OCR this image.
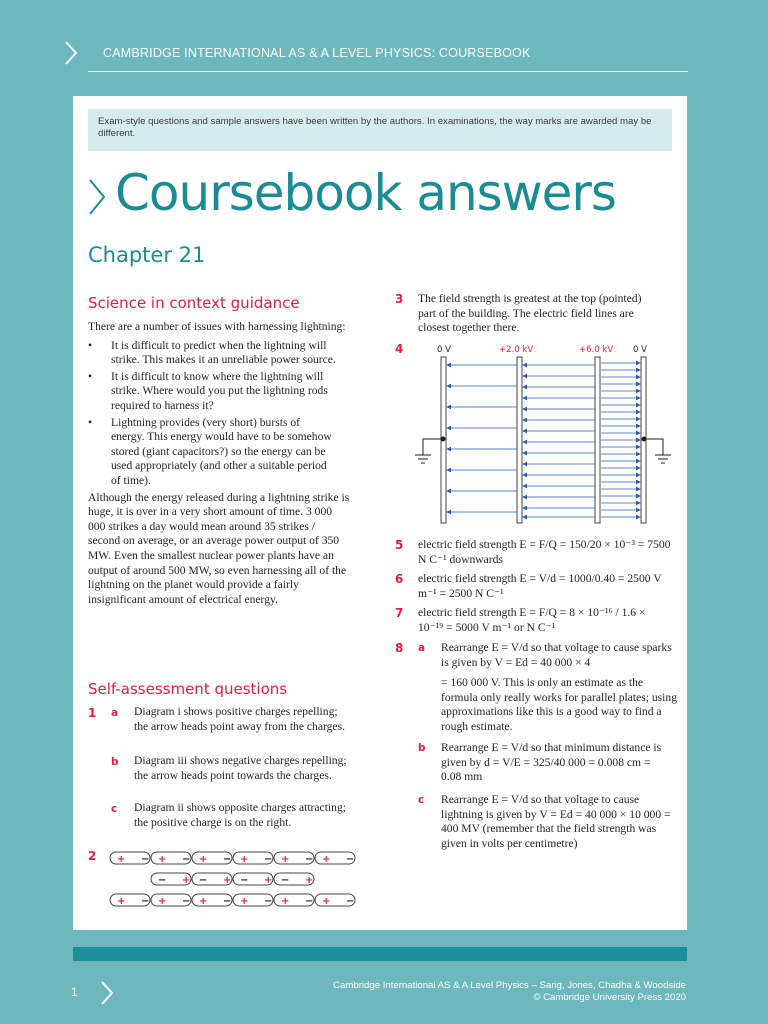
CAMBRIDGE INTERNATIONAL AS & A LEVEL PHYSICS: COURSEBOOK
Exam-style questions and sample answers have been written by the authors. In examinations, the way marks are awarded may be different.
Coursebook answers
Chapter 21
Science in context guidance
There are a number of issues with harnessing lightning:
• It is difficult to predict when the lightning will strike. This makes it an unreliable power source.
• It is difficult to know where the lightning will strike. Where would you put the lightning rods required to harness it?
• Lightning provides (very short) bursts of energy. This energy would have to be somehow stored (giant capacitors?) so the energy can be used appropriately (and other a suitable period of time).
Although the energy released during a lightning strike is huge, it is over in a very short amount of time. 3 000 000 strikes a day would mean around 35 strikes / second on average, or an average power output of 350 MW. Even the smallest nuclear power plants have an output of around 500 MW, so even harnessing all of the lightning on the planet would provide a fairly insignificant amount of electrical energy.
Self-assessment questions
1 a Diagram i shows positive charges repelling; the arrow heads point away from the charges.
b Diagram iii shows negative charges repelling; the arrow heads point towards the charges.
c Diagram ii shows opposite charges attracting; the positive charge is on the right.
2 + − + − + − + − + − + −
− + − + − + − +
+ − + − + − + − + − + −
3 The field strength is greatest at the top (pointed) part of the building. The electric field lines are closest together there.
4	0 V	+2.0 kV	+6.0 kV 0 V
5 electric field strength E = F/Q = 150/20 × 10⁻³ = 7500 N C⁻¹ downwards
6 electric field strength E = V/d = 1000/0.40 = 2500 V m⁻¹ = 2500 N C⁻¹
7 electric field strength E = F/Q = 8 × 10⁻¹⁶ / 1.6 × 10⁻¹⁹ = 5000 V m⁻¹ or N C⁻¹
8 a Rearrange E = V/d so that voltage to cause sparks is given by V = Ed = 40 000 × 4
= 160 000 V. This is only an estimate as the formula only really works for parallel plates; using approximations like this is a good way to find a rough estimate.
b Rearrange E = V/d so that minimum distance is given by d = V/E = 325/40 000 = 0.008 cm = 0.08 mm
c Rearrange E = V/d so that voltage to cause lightning is given by V = Ed = 40 000 × 10 000 = 400 MV (remember that the field strength was given in volts per centimetre)
1	Cambridge International AS & A Level Physics – Sang, Jones, Chadha & Woodside
© Cambridge University Press 2020
